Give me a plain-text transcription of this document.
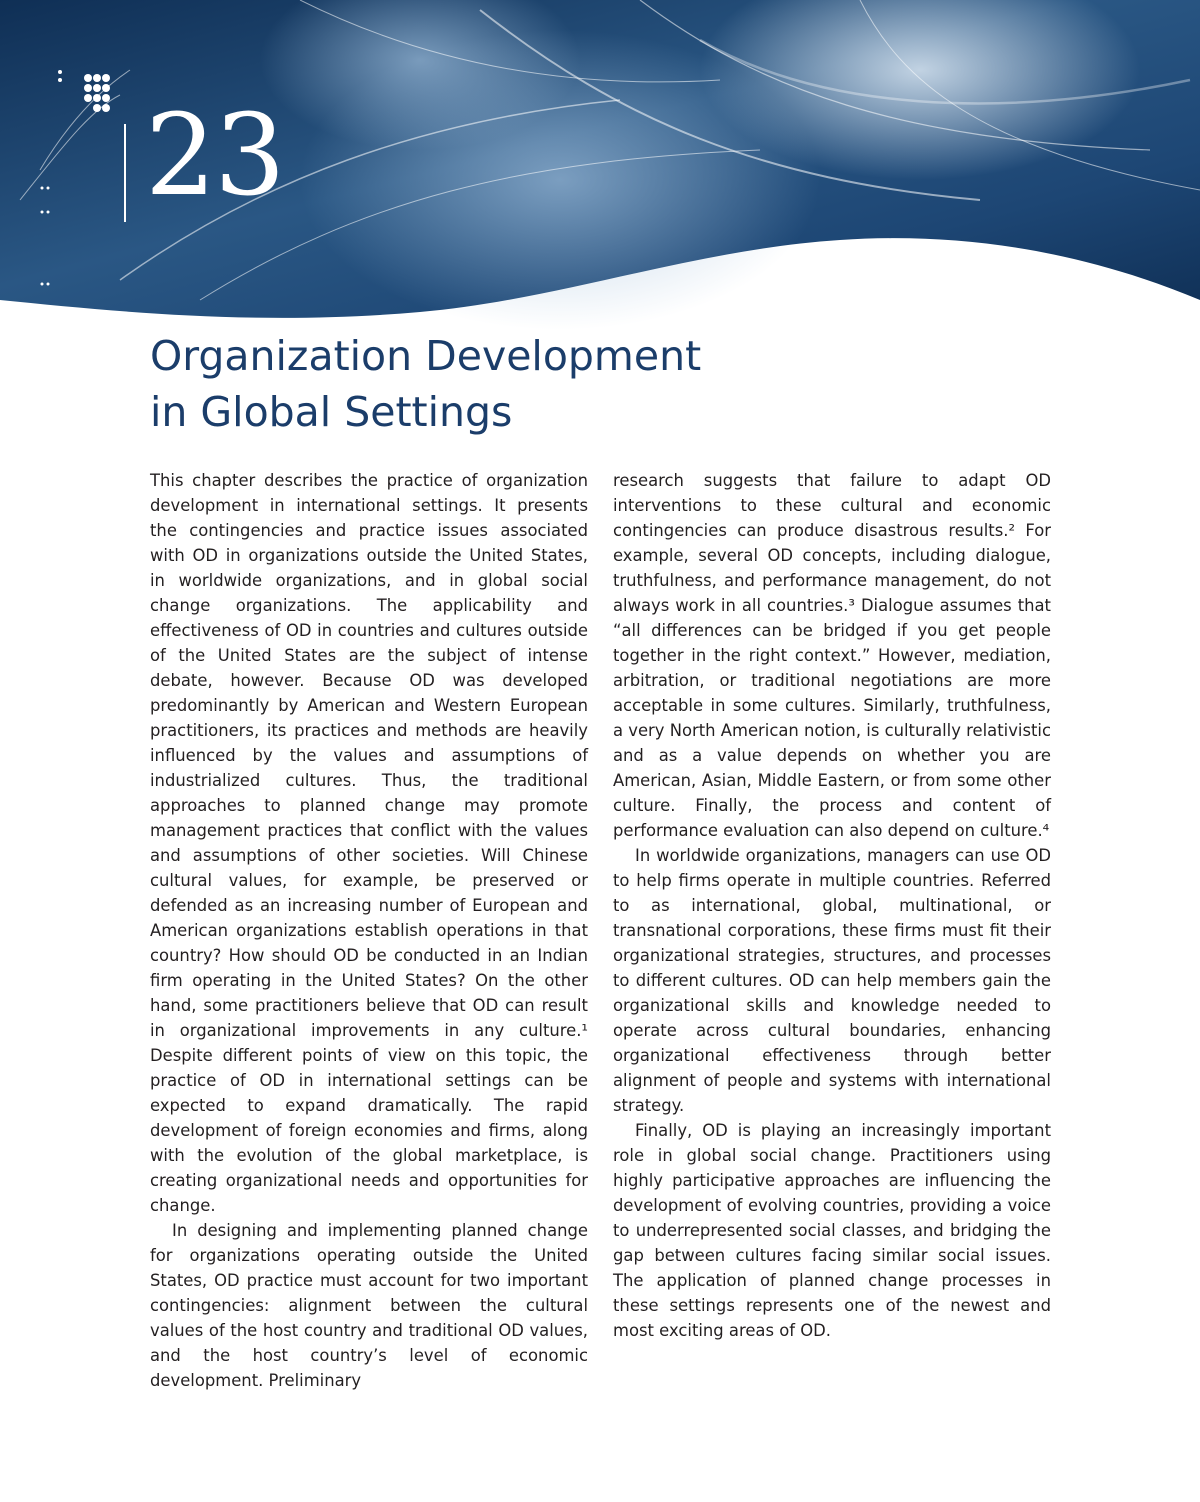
23
Organization Development
in Global Settings

This chapter describes the practice of organization development in international settings. It presents the contingencies and practice issues associated with OD in organizations outside the United States, in worldwide organizations, and in global social change organizations. The applicability and effectiveness of OD in countries and cultures outside of the United States are the subject of intense debate, however. Because OD was developed predominantly by American and Western European practitioners, its practices and methods are heavily influenced by the values and assumptions of industrialized cultures. Thus, the traditional approaches to planned change may promote management practices that conflict with the values and assumptions of other societies. Will Chinese cultural values, for example, be preserved or defended as an increasing number of European and American organizations establish operations in that country? How should OD be conducted in an Indian firm operating in the United States? On the other hand, some practitioners believe that OD can result in organizational improvements in any culture.¹ Despite different points of view on this topic, the practice of OD in international settings can be expected to expand dramatically. The rapid development of foreign economies and firms, along with the evolution of the global marketplace, is creating organizational needs and opportunities for change.

In designing and implementing planned change for organizations operating outside the United States, OD practice must account for two important contingencies: alignment between the cultural values of the host country and traditional OD values, and the host country’s level of economic development. Preliminary

research suggests that failure to adapt OD interventions to these cultural and economic contingencies can produce disastrous results.² For example, several OD concepts, including dialogue, truthfulness, and performance management, do not always work in all countries.³ Dialogue assumes that “all differences can be bridged if you get people together in the right context.” However, mediation, arbitration, or traditional negotiations are more acceptable in some cultures. Similarly, truthfulness, a very North American notion, is culturally relativistic and as a value depends on whether you are American, Asian, Middle Eastern, or from some other culture. Finally, the process and content of performance evaluation can also depend on culture.⁴

In worldwide organizations, managers can use OD to help firms operate in multiple countries. Referred to as international, global, multinational, or transnational corporations, these firms must fit their organizational strategies, structures, and processes to different cultures. OD can help members gain the organizational skills and knowledge needed to operate across cultural boundaries, enhancing organizational effectiveness through better alignment of people and systems with international strategy.

Finally, OD is playing an increasingly important role in global social change. Practitioners using highly participative approaches are influencing the development of evolving countries, providing a voice to underrepresented social classes, and bridging the gap between cultures facing similar social issues. The application of planned change processes in these settings represents one of the newest and most exciting areas of OD.
